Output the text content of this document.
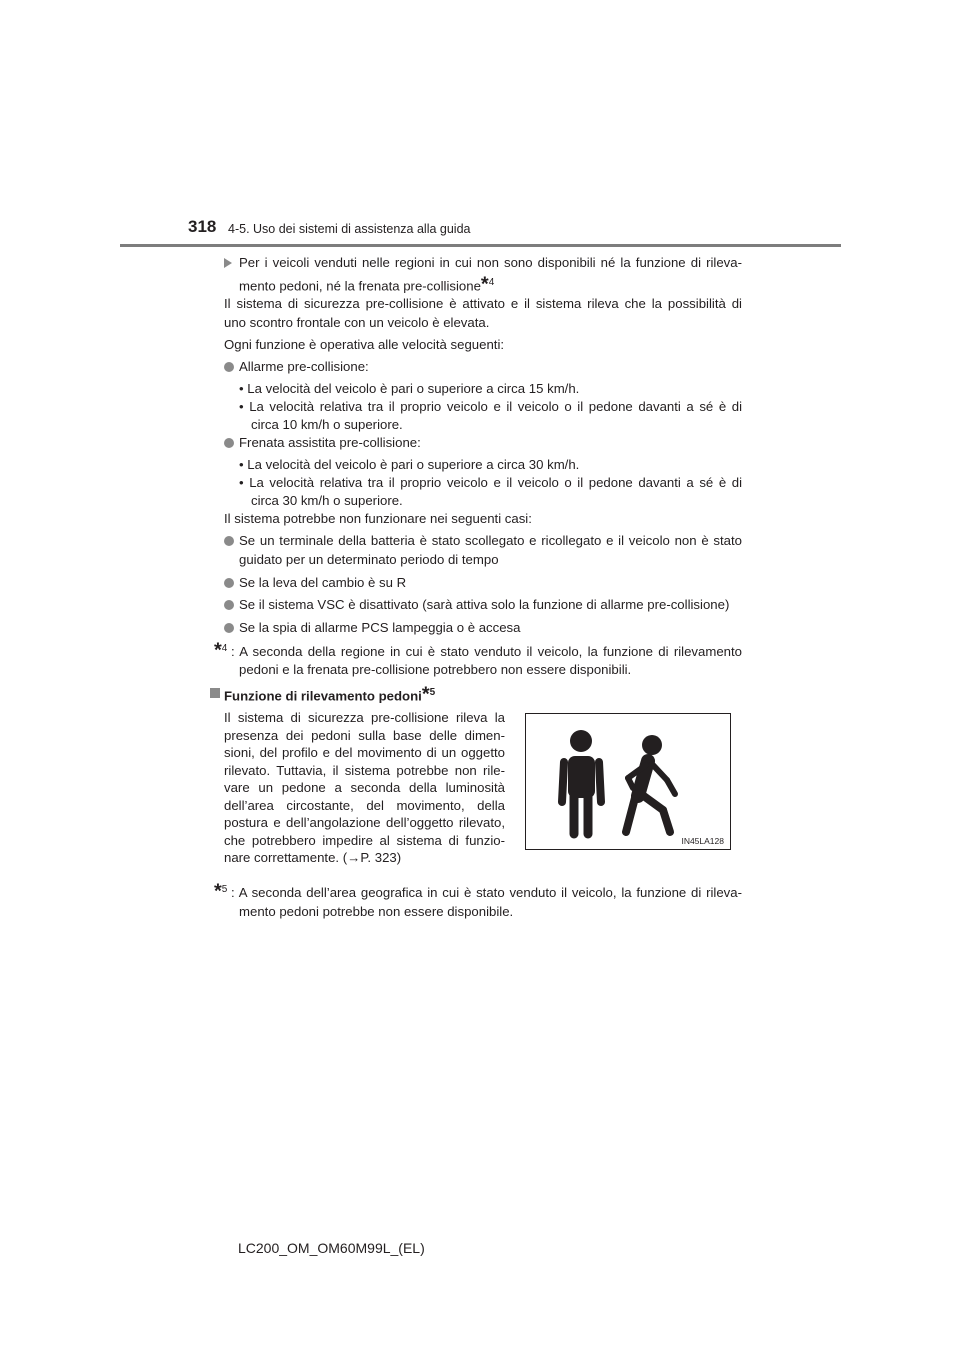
318 4-5. Uso dei sistemi di assistenza alla guida
Per i veicoli venduti nelle regioni in cui non sono disponibili né la funzione di rileva-
mento pedoni, né la frenata pre-collisione*$^4$
Il sistema di sicurezza pre-collisione è attivato e il sistema rileva che la possibilità di
uno scontro frontale con un veicolo è elevata.
Ogni funzione è operativa alle velocità seguenti:
Allarme pre-collisione:
• La velocità del veicolo è pari o superiore a circa 15 km/h.
• La velocità relativa tra il proprio veicolo e il veicolo o il pedone davanti a sé è di
circa 10 km/h o superiore.
Frenata assistita pre-collisione:
• La velocità del veicolo è pari o superiore a circa 30 km/h.
• La velocità relativa tra il proprio veicolo e il veicolo o il pedone davanti a sé è di
circa 30 km/h o superiore.
Il sistema potrebbe non funzionare nei seguenti casi:
Se un terminale della batteria è stato scollegato e ricollegato e il veicolo non è stato
guidato per un determinato periodo di tempo
Se la leva del cambio è su R
Se il sistema VSC è disattivato (sarà attiva solo la funzione di allarme pre-collisione)
Se la spia di allarme PCS lampeggia o è accesa
*$^4$ : A seconda della regione in cui è stato venduto il veicolo, la funzione di rilevamento
pedoni e la frenata pre-collisione potrebbero non essere disponibili.
Funzione di rilevamento pedoni*$^5$
Il sistema di sicurezza pre-collisione rileva la
presenza dei pedoni sulla base delle dimen-
sioni, del profilo e del movimento di un oggetto
rilevato. Tuttavia, il sistema potrebbe non rile-
vare un pedone a seconda della luminosità
dell’area circostante, del movimento, della
postura e dell’angolazione dell’oggetto rilevato,
che potrebbero impedire al sistema di funzio-
nare correttamente. (→P. 323)
IN45LA128
*$^5$ : A seconda dell’area geografica in cui è stato venduto il veicolo, la funzione di rileva-
mento pedoni potrebbe non essere disponibile.
LC200_OM_OM60M99L_(EL)
